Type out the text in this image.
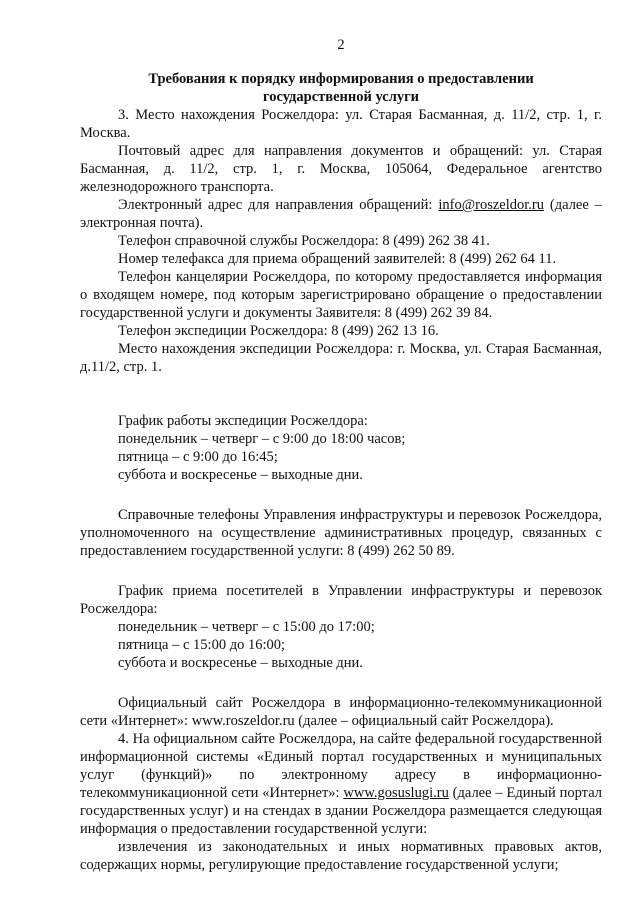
2
Требования к порядку информирования о предоставлении
государственной услуги

3. Место нахождения Росжелдора: ул. Старая Басманная, д. 11/2, стр. 1, г. Москва.

Почтовый адрес для направления документов и обращений: ул. Старая Басманная, д. 11/2, стр. 1, г. Москва, 105064, Федеральное агентство железнодорожного транспорта.

Электронный адрес для направления обращений: info@roszeldor.ru (далее – электронная почта).

Телефон справочной службы Росжелдора: 8 (499) 262 38 41.

Номер телефакса для приема обращений заявителей: 8 (499) 262 64 11.

Телефон канцелярии Росжелдора, по которому предоставляется информация о входящем номере, под которым зарегистрировано обращение о предоставлении государственной услуги и документы Заявителя: 8 (499) 262 39 84.

Телефон экспедиции Росжелдора: 8 (499) 262 13 16.

Место нахождения экспедиции Росжелдора: г. Москва, ул. Старая Басманная, д.11/2, стр. 1.

График работы экспедиции Росжелдора:
понедельник – четверг – с 9:00 до 18:00 часов;
пятница – с 9:00 до 16:45;
суббота и воскресенье – выходные дни.

Справочные телефоны Управления инфраструктуры и перевозок Росжелдора, уполномоченного на осуществление административных процедур, связанных с предоставлением государственной услуги: 8 (499) 262 50 89.

График приема посетителей в Управлении инфраструктуры и перевозок Росжелдора:

понедельник – четверг – с 15:00 до 17:00;
пятница – с 15:00 до 16:00;
суббота и воскресенье – выходные дни.

Официальный сайт Росжелдора в информационно-телекоммуникационной сети «Интернет»: www.roszeldor.ru (далее – официальный сайт Росжелдора).

4. На официальном сайте Росжелдора, на сайте федеральной государственной информационной системы «Единый портал государственных и муниципальных услуг (функций)» по электронному адресу в информационно-телекоммуникационной сети «Интернет»: www.gosuslugi.ru (далее – Единый портал государственных услуг) и на стендах в здании Росжелдора размещается следующая информация о предоставлении государственной услуги:

извлечения из законодательных и иных нормативных правовых актов, содержащих нормы, регулирующие предоставление государственной услуги;
